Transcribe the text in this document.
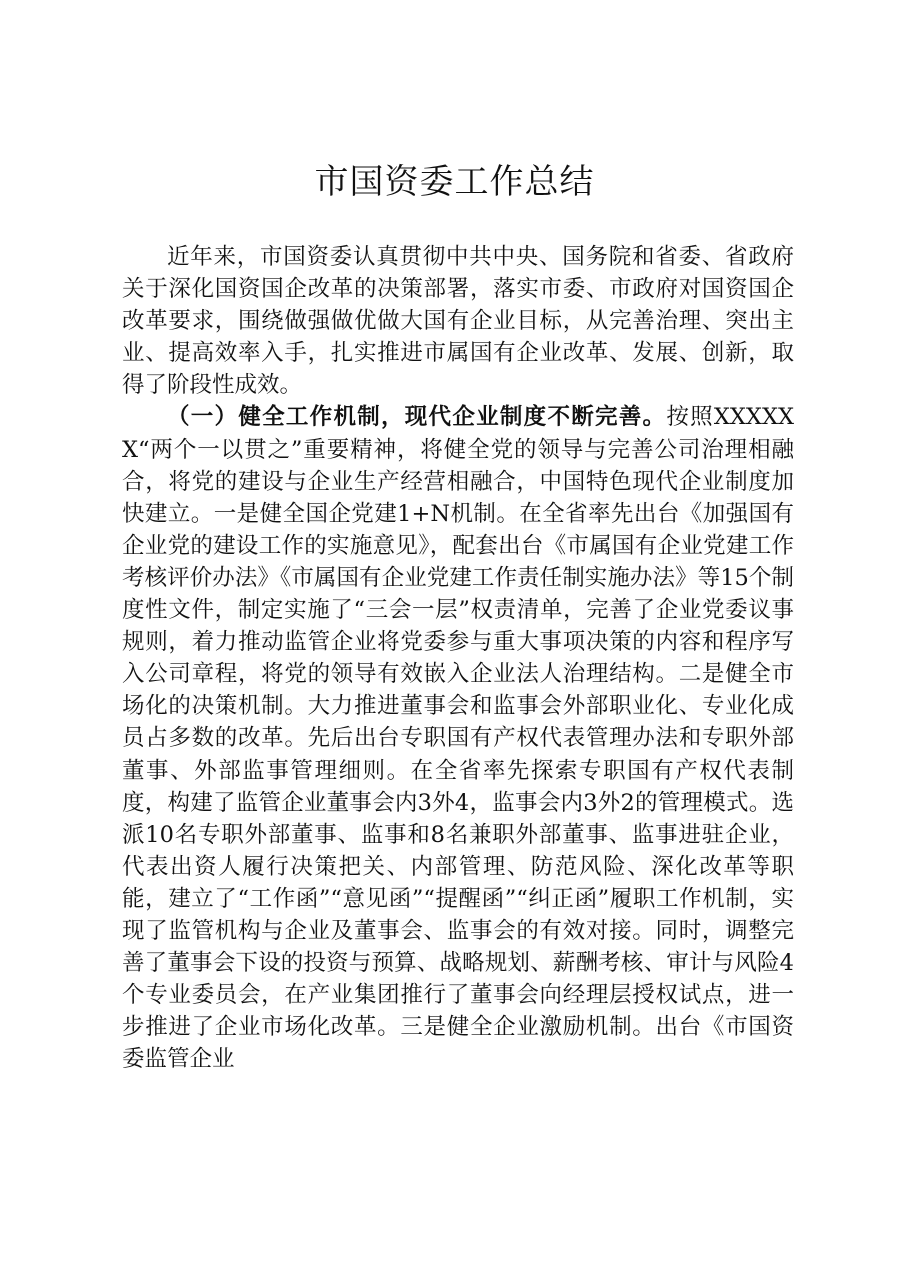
市国资委工作总结

近年来，市国资委认真贯彻中共中央、国务院和省委、省政府关于深化国资国企改革的决策部署，落实市委、市政府对国资国企改革要求，围绕做强做优做大国有企业目标，从完善治理、突出主业、提高效率入手，扎实推进市属国有企业改革、发展、创新，取得了阶段性成效。

（一）健全工作机制，现代企业制度不断完善。按照XXXXXX“两个一以贯之”重要精神，将健全党的领导与完善公司治理相融合，将党的建设与企业生产经营相融合，中国特色现代企业制度加快建立。一是健全国企党建1+N机制。在全省率先出台《加强国有企业党的建设工作的实施意见》，配套出台《市属国有企业党建工作考核评价办法》《市属国有企业党建工作责任制实施办法》等15个制度性文件，制定实施了“三会一层”权责清单，完善了企业党委议事规则，着力推动监管企业将党委参与重大事项决策的内容和程序写入公司章程，将党的领导有效嵌入企业法人治理结构。二是健全市场化的决策机制。大力推进董事会和监事会外部职业化、专业化成员占多数的改革。先后出台专职国有产权代表管理办法和专职外部董事、外部监事管理细则。在全省率先探索专职国有产权代表制度，构建了监管企业董事会内3外4，监事会内3外2的管理模式。选派10名专职外部董事、监事和8名兼职外部董事、监事进驻企业，代表出资人履行决策把关、内部管理、防范风险、深化改革等职能，建立了“工作函”“意见函”“提醒函”“纠正函”履职工作机制，实现了监管机构与企业及董事会、监事会的有效对接。同时，调整完善了董事会下设的投资与预算、战略规划、薪酬考核、审计与风险4个专业委员会，在产业集团推行了董事会向经理层授权试点，进一步推进了企业市场化改革。三是健全企业激励机制。出台《市国资委监管企业
